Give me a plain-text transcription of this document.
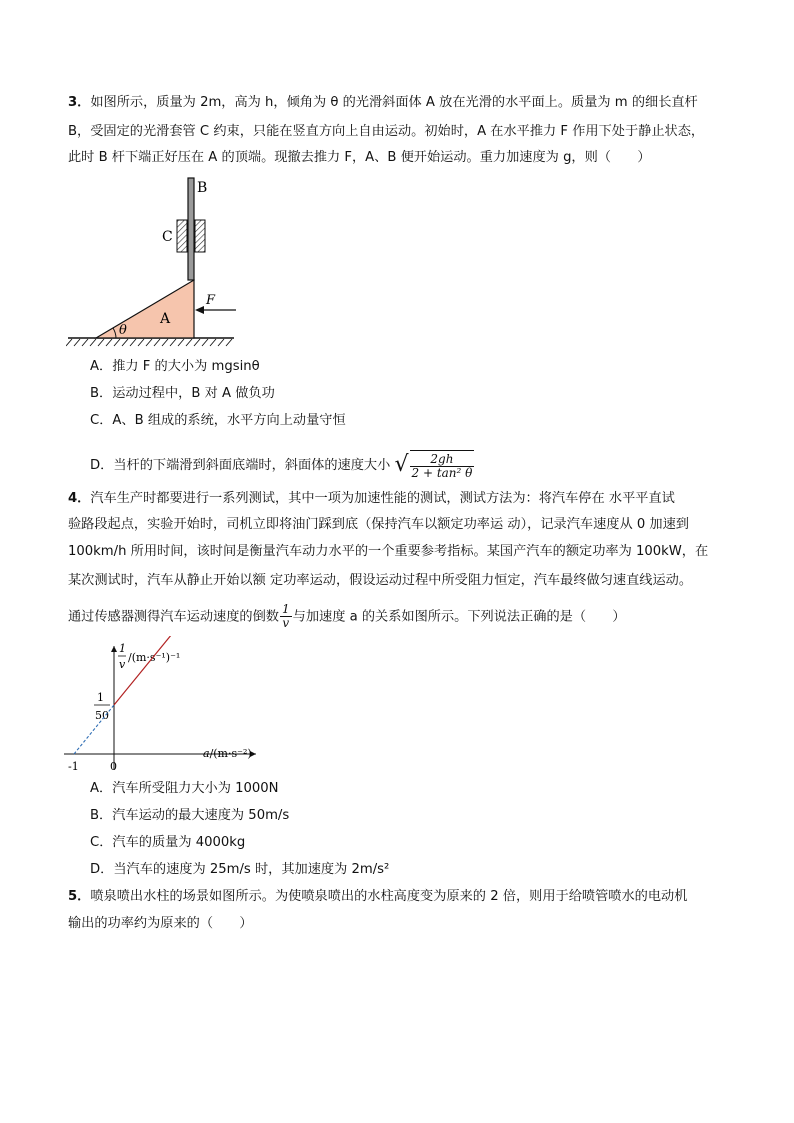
3．如图所示，质量为 2m，高为 h，倾角为 θ 的光滑斜面体 A 放在光滑的水平面上。质量为 m 的细长直杆
B，受固定的光滑套管 C 约束，只能在竖直方向上自由运动。初始时，A 在水平推力 F 作用下处于静止状态，
此时 B 杆下端正好压在 A 的顶端。现撤去推力 F，A、B 便开始运动。重力加速度为 g，则（　　）
θ
A
B
C
F
A．推力 F 的大小为 mgsinθ
B．运动过程中，B 对 A 做负功
C．A、B 组成的系统，水平方向上动量守恒
D．当杆的下端滑到斜面底端时，斜面体的速度大小 √ $\frac{2gh}{\text{2 + tan² θ}}$
4．汽车生产时都要进行一系列测试，其中一项为加速性能的测试，测试方法为：将汽车停在 水平平直试
验路段起点，实验开始时，司机立即将油门踩到底（保持汽车以额定功率运 动），记录汽车速度从 0 加速到
100km/h 所用时间，该时间是衡量汽车动力水平的一个重要参考指标。某国产汽车的额定功率为 100kW，在
某次测试时，汽车从静止开始以额 定功率运动，假设运动过程中所受阻力恒定，汽车最终做匀速直线运动。
通过传感器测得汽车运动速度的倒数 $\frac{1}{v}$ 与加速度 a 的关系如图所示。下列说法正确的是（　　）
1
v
/(m·s⁻¹)⁻¹
a/(m·s⁻²)
1
50
-1	0
A．汽车所受阻力大小为 1000N
B．汽车运动的最大速度为 50m/s
C．汽车的质量为 4000kg
D．当汽车的速度为 25m/s 时，其加速度为 2m/s²
5．喷泉喷出水柱的场景如图所示。为使喷泉喷出的水柱高度变为原来的 2 倍，则用于给喷管喷水的电动机
输出的功率约为原来的（　　）
